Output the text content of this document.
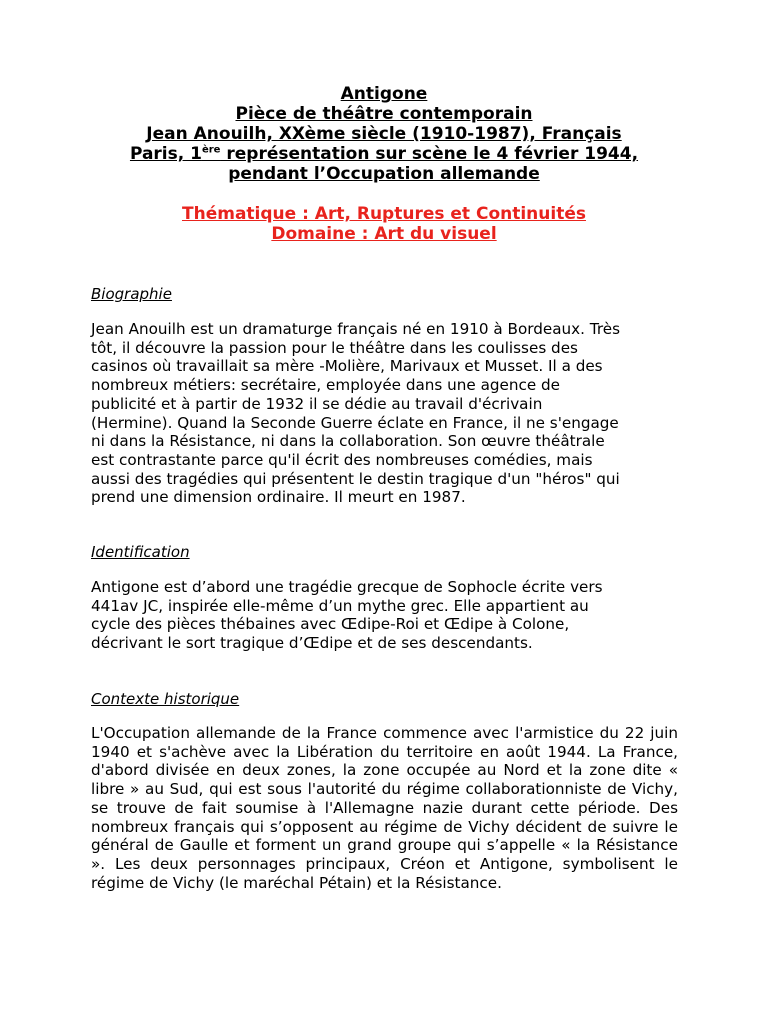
Antigone
Pièce de théâtre contemporain
Jean Anouilh, XXème siècle (1910-1987), Français
Paris, 1ère représentation sur scène le 4 février 1944,
pendant l’Occupation allemande
Thématique : Art, Ruptures et Continuités
Domaine : Art du visuel
Biographie
Jean Anouilh est un dramaturge français né en 1910 à Bordeaux. Très
tôt, il découvre la passion pour le théâtre dans les coulisses des
casinos où travaillait sa mère -Molière, Marivaux et Musset. Il a des
nombreux métiers: secrétaire, employée dans une agence de
publicité et à partir de 1932 il se dédie au travail d'écrivain
(Hermine). Quand la Seconde Guerre éclate en France, il ne s'engage
ni dans la Résistance, ni dans la collaboration. Son œuvre théâtrale
est contrastante parce qu'il écrit des nombreuses comédies, mais
aussi des tragédies qui présentent le destin tragique d'un "héros" qui
prend une dimension ordinaire. Il meurt en 1987.
Identification
Antigone est d’abord une tragédie grecque de Sophocle écrite vers
441av JC, inspirée elle-même d’un mythe grec. Elle appartient au
cycle des pièces thébaines avec Œdipe-Roi et Œdipe à Colone,
décrivant le sort tragique d’Œdipe et de ses descendants.
Contexte historique
L'Occupation allemande de la France commence avec l'armistice du 22 juin 1940 et s'achève avec la Libération du territoire en août 1944. La France, d'abord divisée en deux zones, la zone occupée au Nord et la zone dite « libre » au Sud, qui est sous l'autorité du régime collaborationniste de Vichy, se trouve de fait soumise à l'Allemagne nazie durant cette période. Des nombreux français qui s’opposent au régime de Vichy décident de suivre le général de Gaulle et forment un grand groupe qui s’appelle « la Résistance ». Les deux personnages principaux, Créon et Antigone, symbolisent le régime de Vichy (le maréchal Pétain) et la Résistance.
